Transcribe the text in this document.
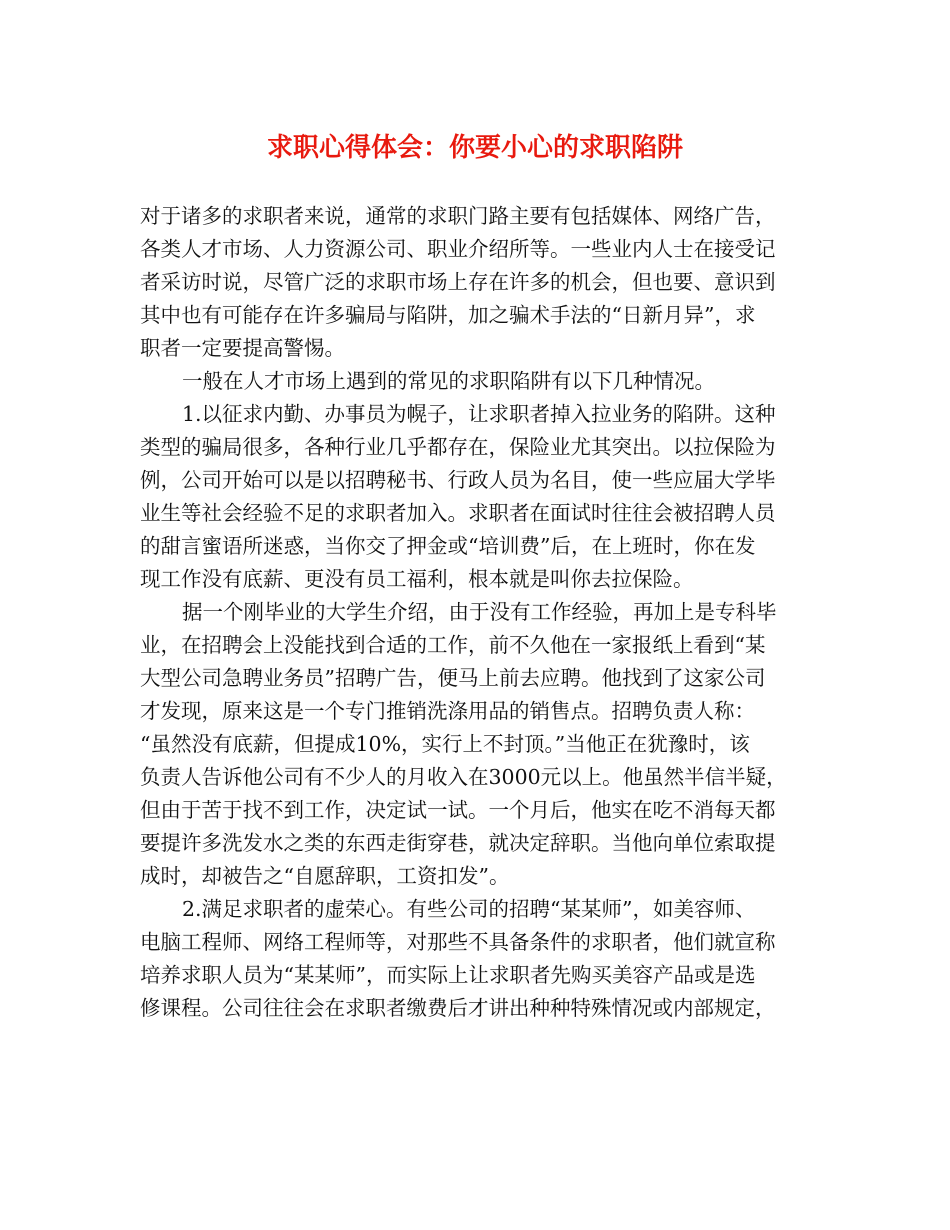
求职心得体会：你要小心的求职陷阱
对于诸多的求职者来说，通常的求职门路主要有包括媒体、网络广告，
各类人才市场、人力资源公司、职业介绍所等。一些业内人士在接受记
者采访时说，尽管广泛的求职市场上存在许多的机会，但也要、意识到
其中也有可能存在许多骗局与陷阱，加之骗术手法的“日新月异”，求
职者一定要提高警惕。
一般在人才市场上遇到的常见的求职陷阱有以下几种情况。
1.以征求内勤、办事员为幌子，让求职者掉入拉业务的陷阱。这种
类型的骗局很多，各种行业几乎都存在，保险业尤其突出。以拉保险为
例，公司开始可以是以招聘秘书、行政人员为名目，使一些应届大学毕
业生等社会经验不足的求职者加入。求职者在面试时往往会被招聘人员
的甜言蜜语所迷惑，当你交了押金或“培训费”后，在上班时，你在发
现工作没有底薪、更没有员工福利，根本就是叫你去拉保险。
据一个刚毕业的大学生介绍，由于没有工作经验，再加上是专科毕
业，在招聘会上没能找到合适的工作，前不久他在一家报纸上看到“某
大型公司急聘业务员”招聘广告，便马上前去应聘。他找到了这家公司
才发现，原来这是一个专门推销洗涤用品的销售点。招聘负责人称：
“虽然没有底薪，但提成10%，实行上不封顶。”当他正在犹豫时，该
负责人告诉他公司有不少人的月收入在3000元以上。他虽然半信半疑，
但由于苦于找不到工作，决定试一试。一个月后，他实在吃不消每天都
要提许多洗发水之类的东西走街穿巷，就决定辞职。当他向单位索取提
成时，却被告之“自愿辞职，工资扣发”。
2.满足求职者的虚荣心。有些公司的招聘“某某师”，如美容师、
电脑工程师、网络工程师等，对那些不具备条件的求职者，他们就宣称
培养求职人员为“某某师”，而实际上让求职者先购买美容产品或是选
修课程。公司往往会在求职者缴费后才讲出种种特殊情况或内部规定，
